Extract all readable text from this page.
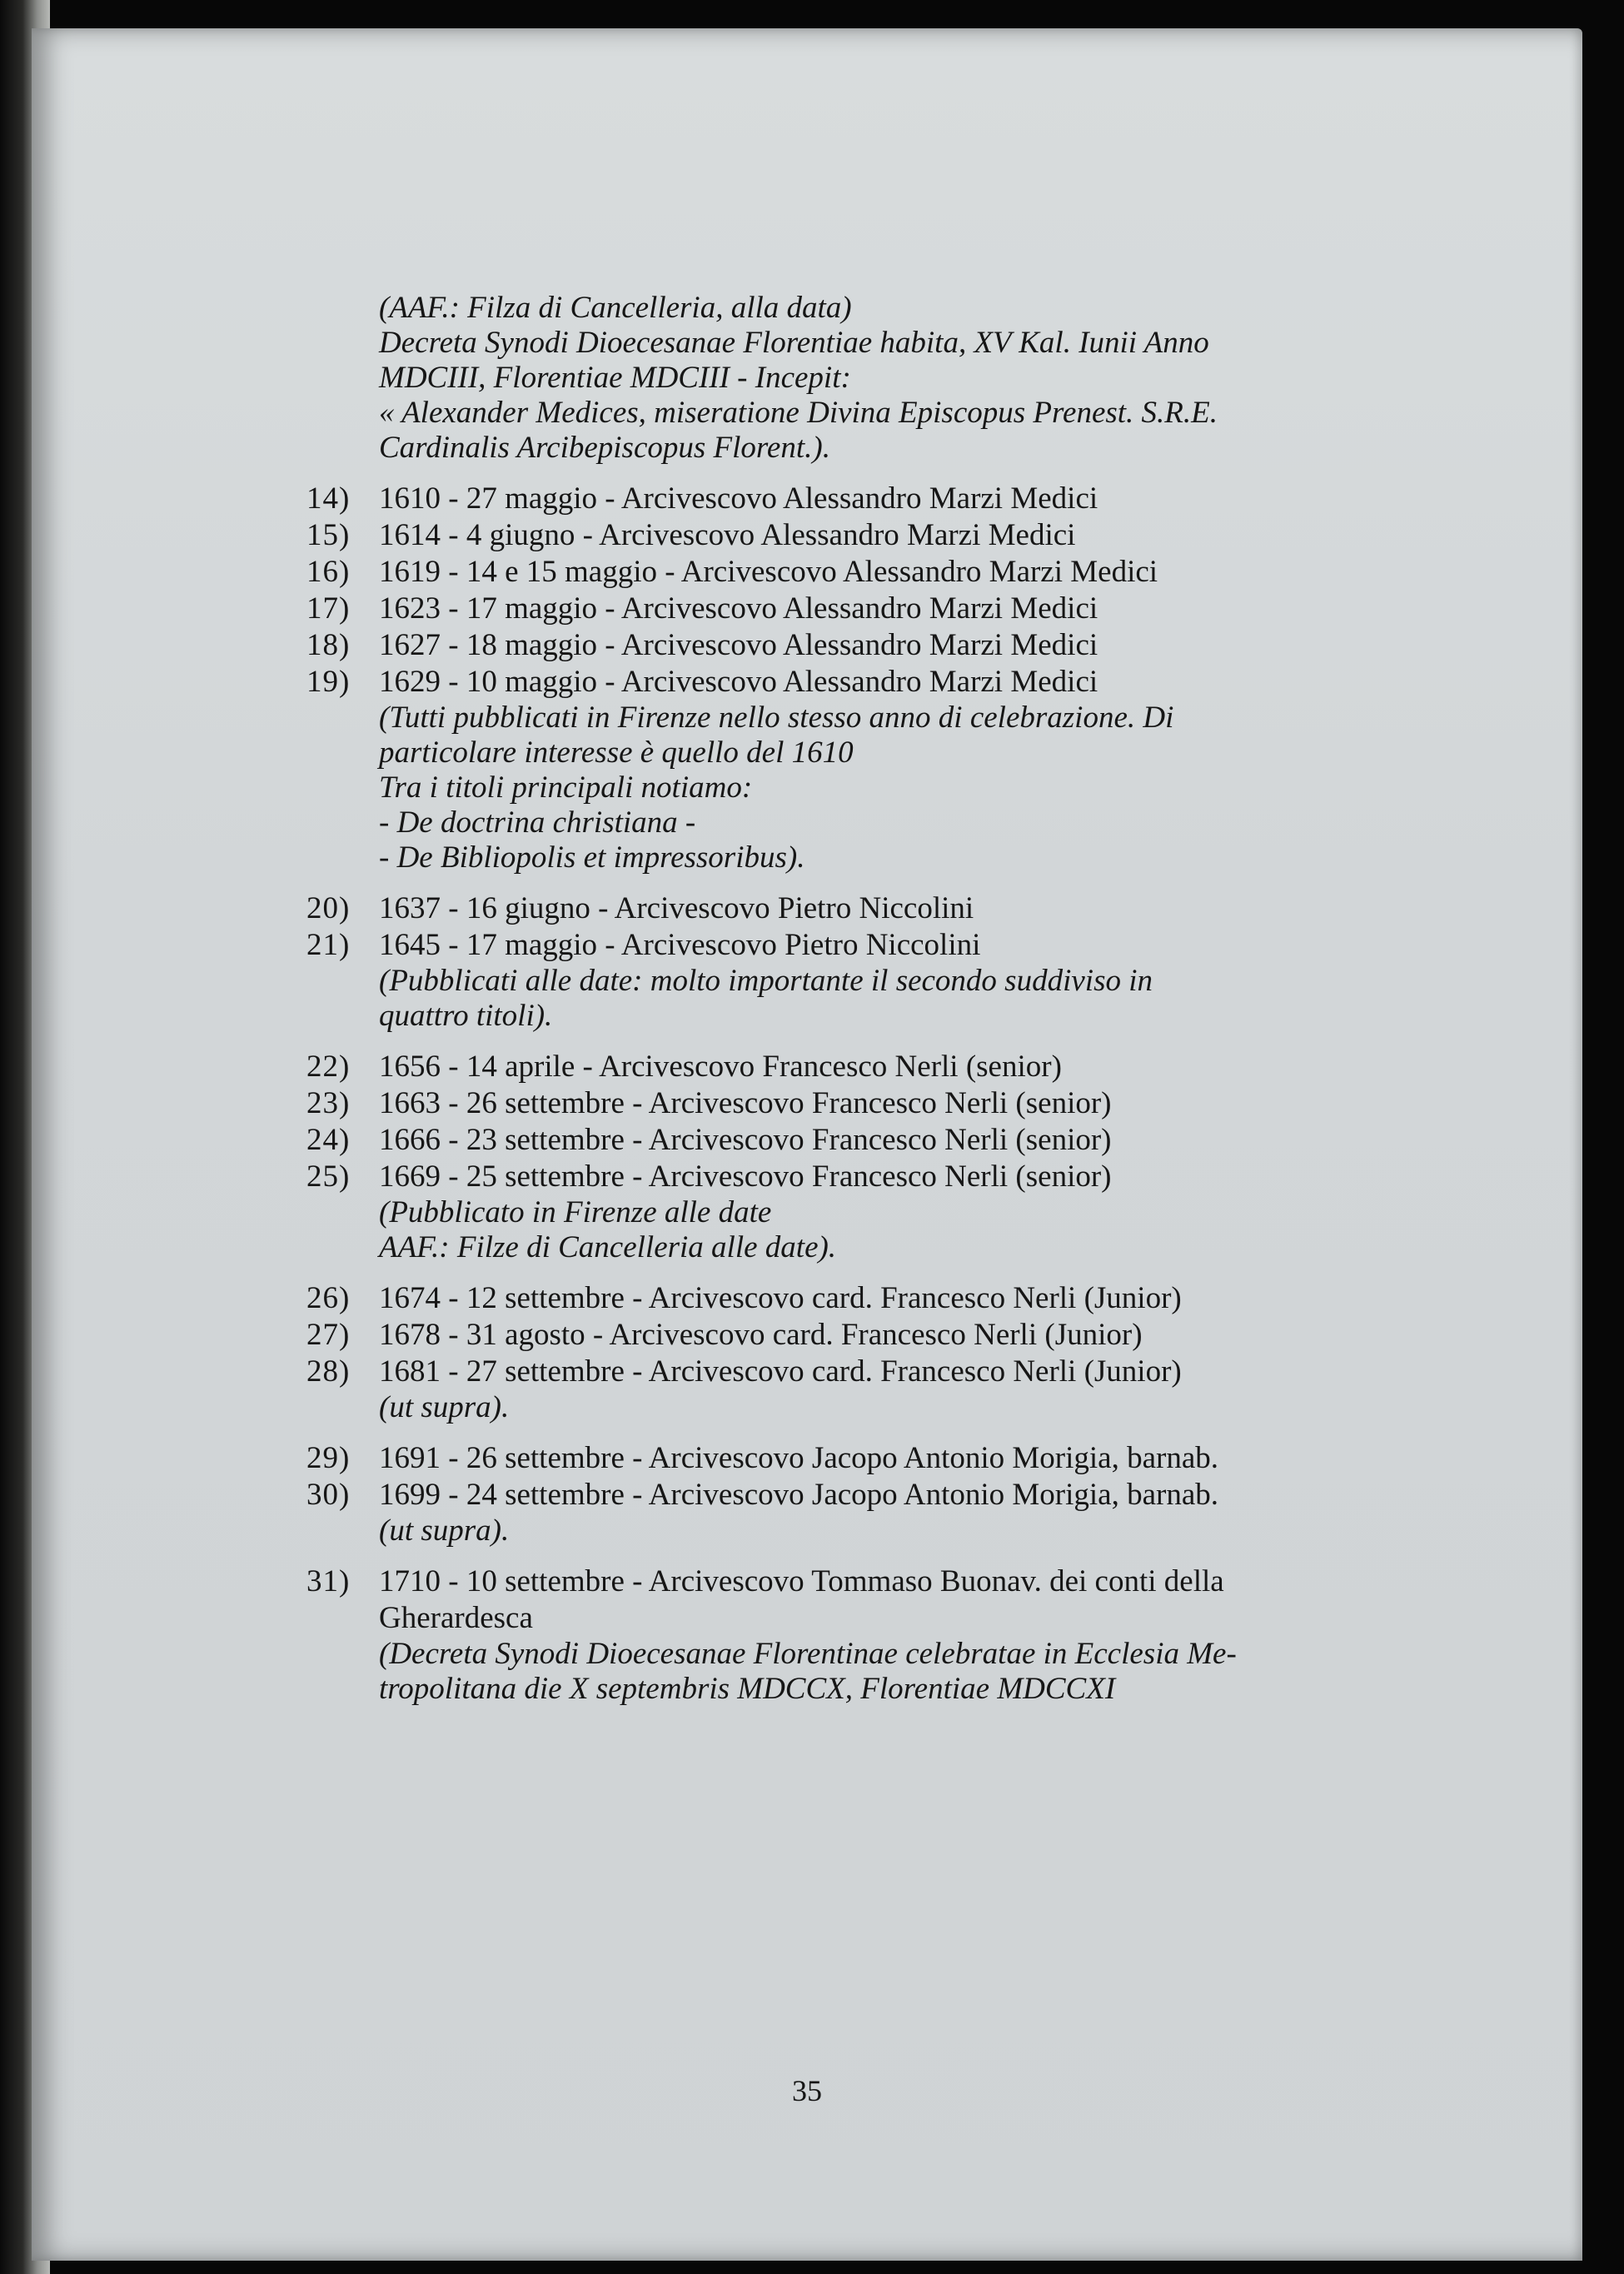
(AAF.: Filza di Cancelleria, alla data)
Decreta Synodi Dioecesanae Florentiae habita, XV Kal. Iunii Anno
MDCIII, Florentiae MDCIII - Incepit:
« Alexander Medices, miseratione Divina Episcopus Prenest. S.R.E.
Cardinalis Arcibepiscopus Florent.).
14) 1610 - 27 maggio - Arcivescovo Alessandro Marzi Medici
15) 1614 - 4 giugno - Arcivescovo Alessandro Marzi Medici
16) 1619 - 14 e 15 maggio - Arcivescovo Alessandro Marzi Medici
17) 1623 - 17 maggio - Arcivescovo Alessandro Marzi Medici
18) 1627 - 18 maggio - Arcivescovo Alessandro Marzi Medici
19) 1629 - 10 maggio - Arcivescovo Alessandro Marzi Medici
(Tutti pubblicati in Firenze nello stesso anno di celebrazione. Di
particolare interesse è quello del 1610
Tra i titoli principali notiamo:
- De doctrina christiana -
- De Bibliopolis et impressoribus).
20) 1637 - 16 giugno - Arcivescovo Pietro Niccolini
21) 1645 - 17 maggio - Arcivescovo Pietro Niccolini
(Pubblicati alle date: molto importante il secondo suddiviso in
quattro titoli).
22) 1656 - 14 aprile - Arcivescovo Francesco Nerli (senior)
23) 1663 - 26 settembre - Arcivescovo Francesco Nerli (senior)
24) 1666 - 23 settembre - Arcivescovo Francesco Nerli (senior)
25) 1669 - 25 settembre - Arcivescovo Francesco Nerli (senior)
(Pubblicato in Firenze alle date
AAF.: Filze di Cancelleria alle date).
26) 1674 - 12 settembre - Arcivescovo card. Francesco Nerli (Junior)
27) 1678 - 31 agosto - Arcivescovo card. Francesco Nerli (Junior)
28) 1681 - 27 settembre - Arcivescovo card. Francesco Nerli (Junior)
(ut supra).
29) 1691 - 26 settembre - Arcivescovo Jacopo Antonio Morigia, barnab.
30) 1699 - 24 settembre - Arcivescovo Jacopo Antonio Morigia, barnab.
(ut supra).
31) 1710 - 10 settembre - Arcivescovo Tommaso Buonav. dei conti della Gherardesca
(Decreta Synodi Dioecesanae Florentinae celebratae in Ecclesia Me-
tropolitana die X septembris MDCCX, Florentiae MDCCXI
35
